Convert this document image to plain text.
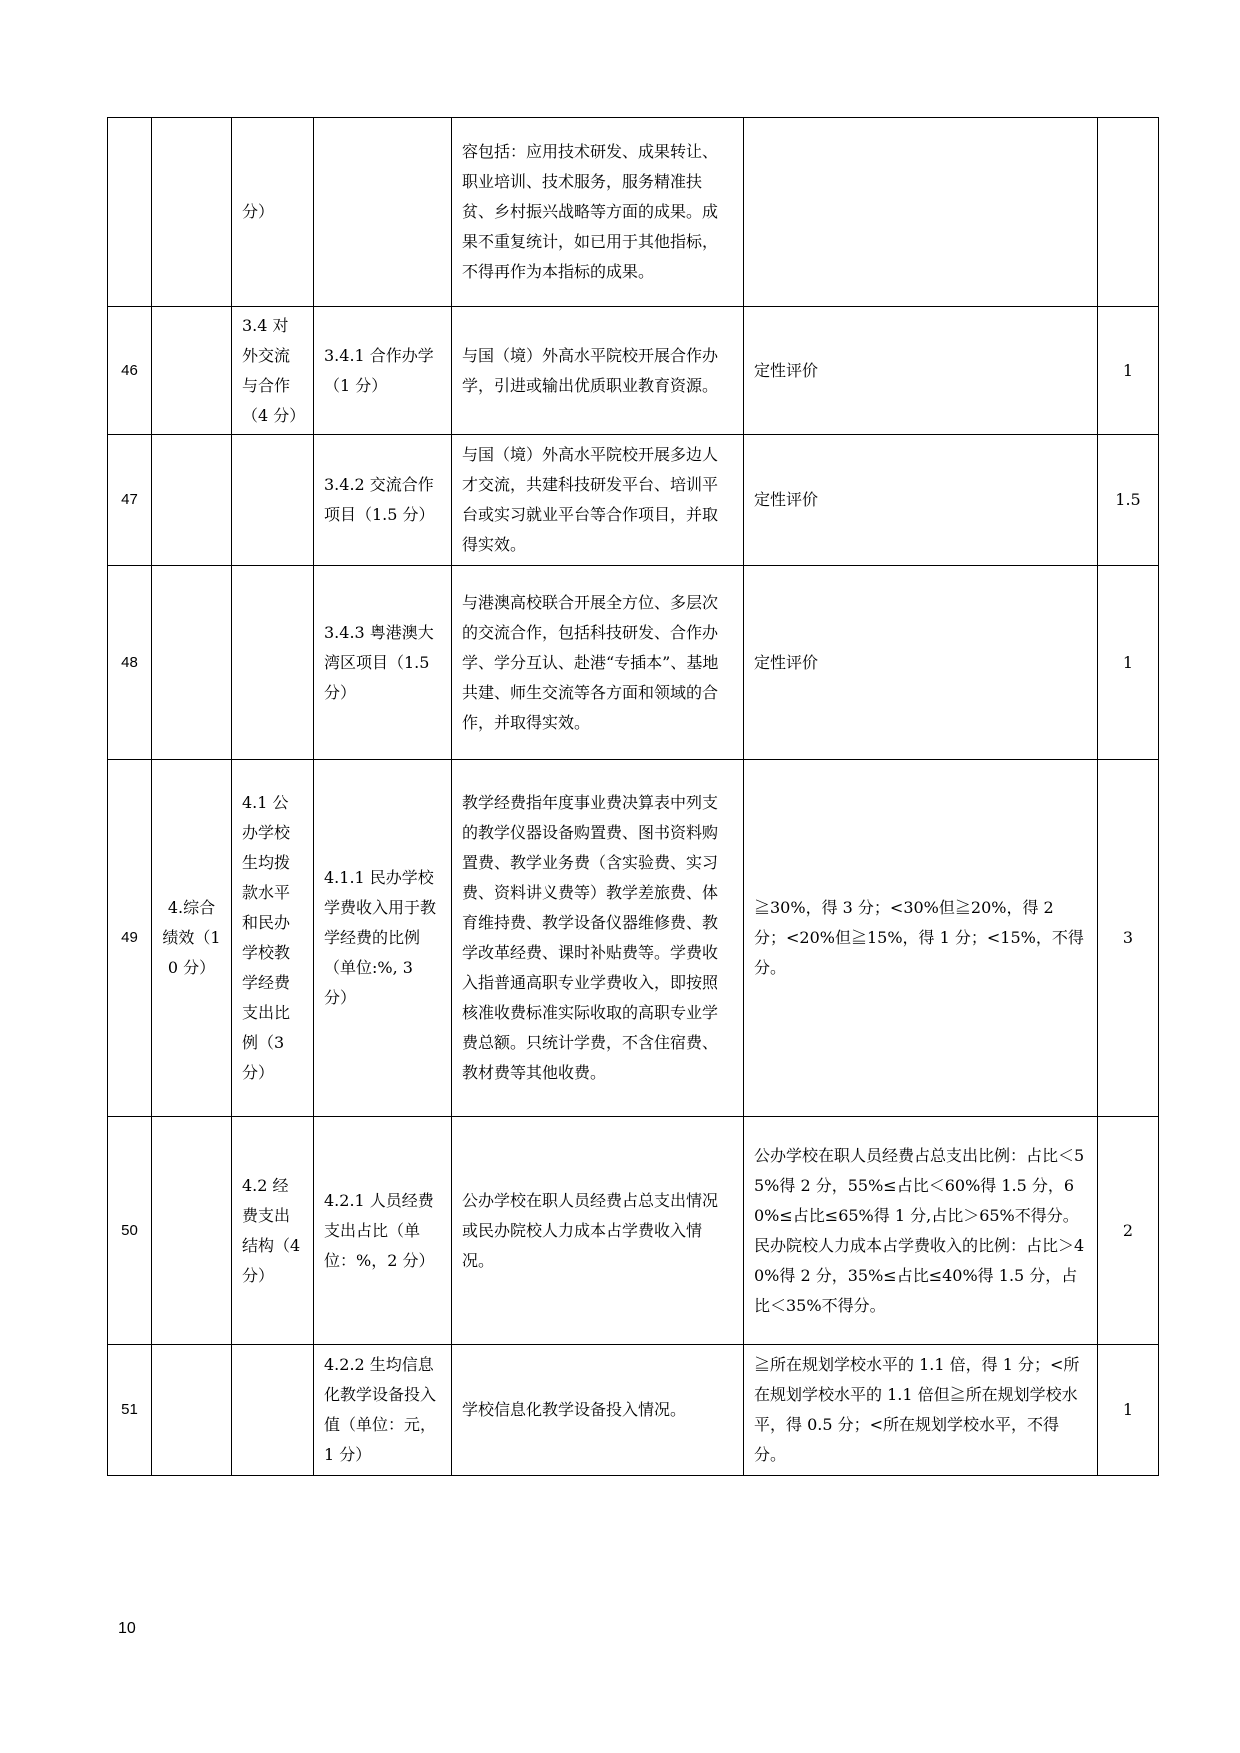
		分）		容包括：应用技术研发、成果转让、职业培训、技术服务，服务精准扶贫、乡村振兴战略等方面的成果。成果不重复统计，如已用于其他指标，不得再作为本指标的成果。		
46		3.4 对外交流与合作（4 分）	3.4.1 合作办学（1 分）	与国（境）外高水平院校开展合作办学，引进或输出优质职业教育资源。	定性评价	1
47			3.4.2 交流合作项目（1.5 分）	与国（境）外高水平院校开展多边人才交流，共建科技研发平台、培训平台或实习就业平台等合作项目，并取得实效。	定性评价	1.5
48			3.4.3 粤港澳大湾区项目（1.5 分）	与港澳高校联合开展全方位、多层次的交流合作，包括科技研发、合作办学、学分互认、赴港“专插本”、基地共建、师生交流等各方面和领域的合作，并取得实效。	定性评价	1
49	4.综合绩效（10 分）	4.1 公办学校生均拨款水平和民办学校教学经费支出比例（3 分）	4.1.1 民办学校学费收入用于教学经费的比例（单位:%, 3 分）	教学经费指年度事业费决算表中列支的教学仪器设备购置费、图书资料购置费、教学业务费（含实验费、实习费、资料讲义费等）教学差旅费、体育维持费、教学设备仪器维修费、教学改革经费、课时补贴费等。学费收入指普通高职专业学费收入，即按照核准收费标准实际收取的高职专业学费总额。只统计学费，不含住宿费、教材费等其他收费。	≧30%，得 3 分；<30%但≧20%，得 2 分；<20%但≧15%，得 1 分；<15%，不得分。	3
50		4.2 经费支出结构（4 分）	4.2.1 人员经费支出占比（单位：%，2 分）	公办学校在职人员经费占总支出情况或民办院校人力成本占学费收入情况。	公办学校在职人员经费占总支出比例：占比＜55%得 2 分，55%≤占比＜60%得 1.5 分，60%≤占比≤65%得 1 分,占比＞65%不得分。
民办院校人力成本占学费收入的比例：占比＞40%得 2 分，35%≤占比≤40%得 1.5 分，占比＜35%不得分。	2
51			4.2.2 生均信息化教学设备投入值（单位：元，1 分）	学校信息化教学设备投入情况。	≧所在规划学校水平的 1.1 倍，得 1 分；<所在规划学校水平的 1.1 倍但≧所在规划学校水平，得 0.5 分；<所在规划学校水平，不得分。	1
10
